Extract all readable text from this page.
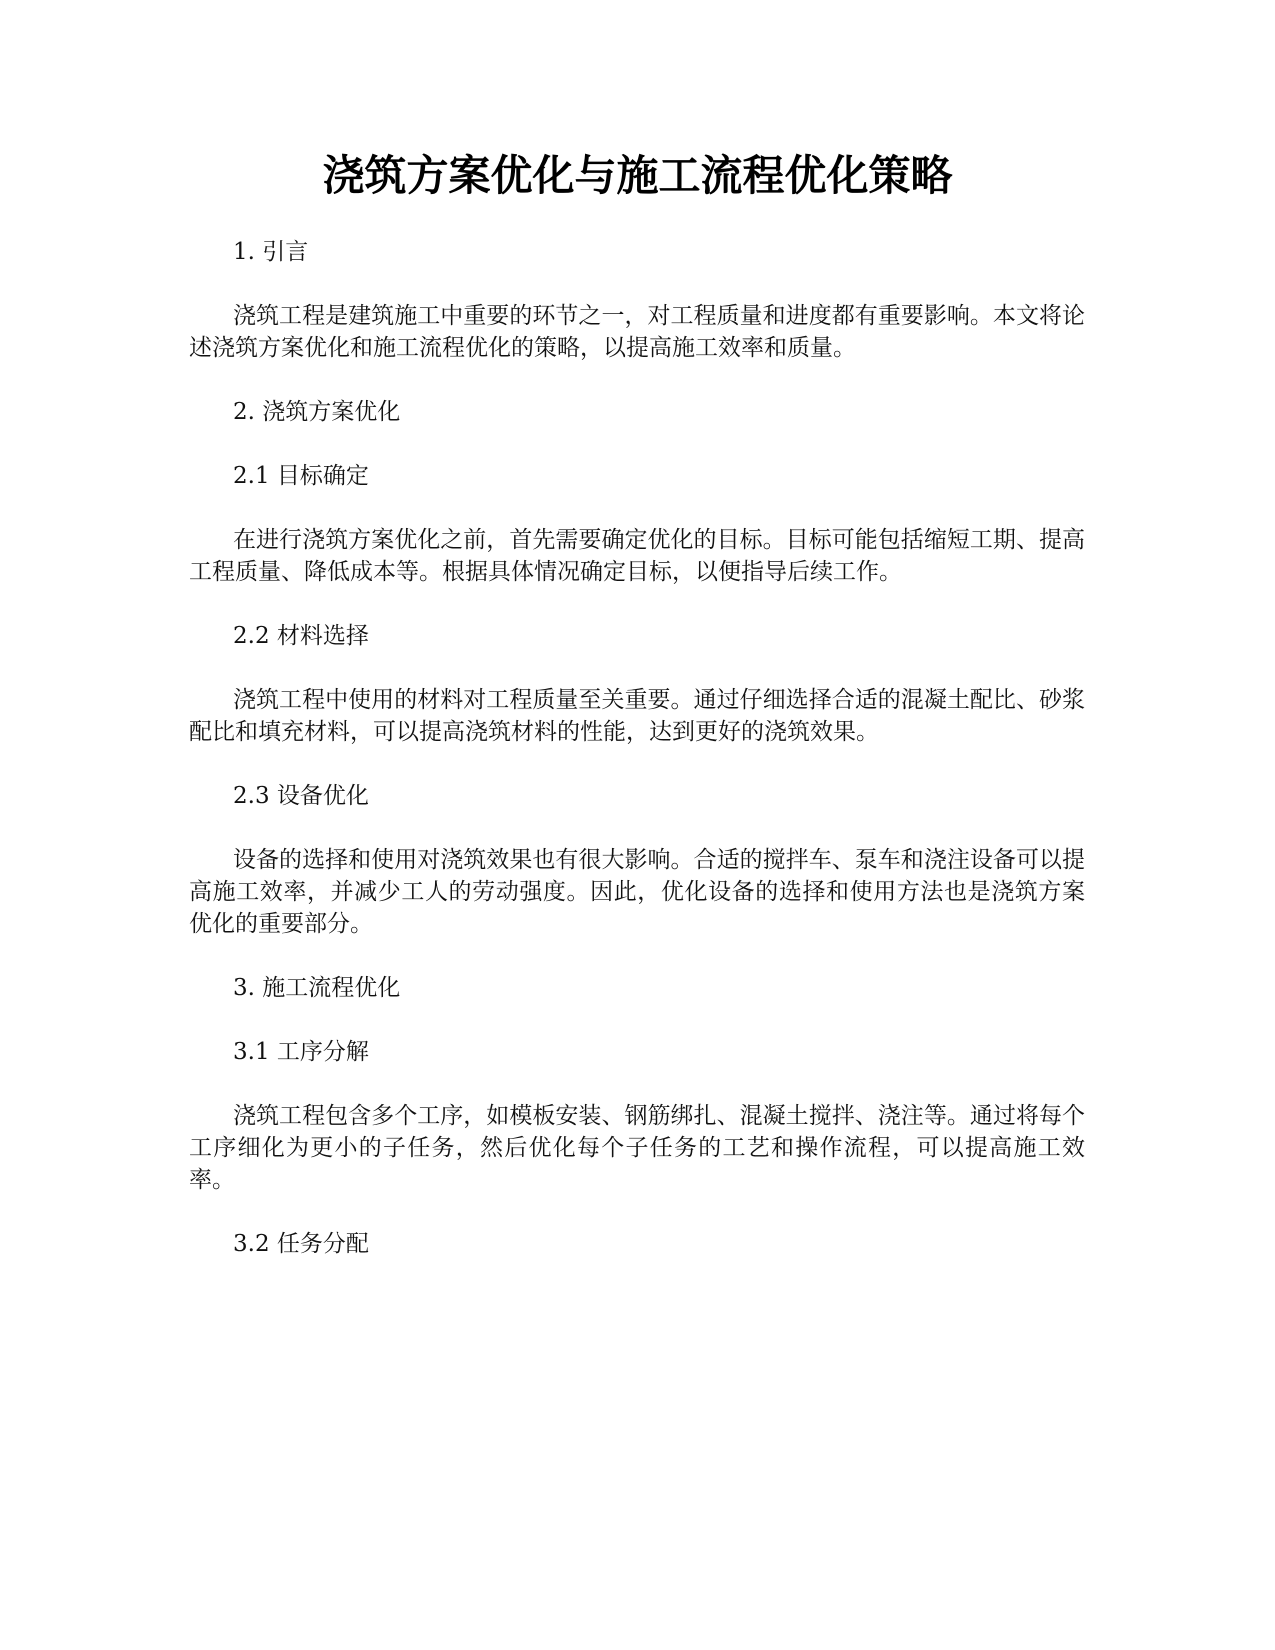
浇筑方案优化与施工流程优化策略
1. 引言
浇筑工程是建筑施工中重要的环节之一，对工程质量和进度都有重要影响。本文将论述浇筑方案优化和施工流程优化的策略，以提高施工效率和质量。
2. 浇筑方案优化
2.1 目标确定
在进行浇筑方案优化之前，首先需要确定优化的目标。目标可能包括缩短工期、提高工程质量、降低成本等。根据具体情况确定目标，以便指导后续工作。
2.2 材料选择
浇筑工程中使用的材料对工程质量至关重要。通过仔细选择合适的混凝土配比、砂浆配比和填充材料，可以提高浇筑材料的性能，达到更好的浇筑效果。
2.3 设备优化
设备的选择和使用对浇筑效果也有很大影响。合适的搅拌车、泵车和浇注设备可以提高施工效率，并减少工人的劳动强度。因此，优化设备的选择和使用方法也是浇筑方案优化的重要部分。
3. 施工流程优化
3.1 工序分解
浇筑工程包含多个工序，如模板安装、钢筋绑扎、混凝土搅拌、浇注等。通过将每个工序细化为更小的子任务，然后优化每个子任务的工艺和操作流程，可以提高施工效率。
3.2 任务分配
